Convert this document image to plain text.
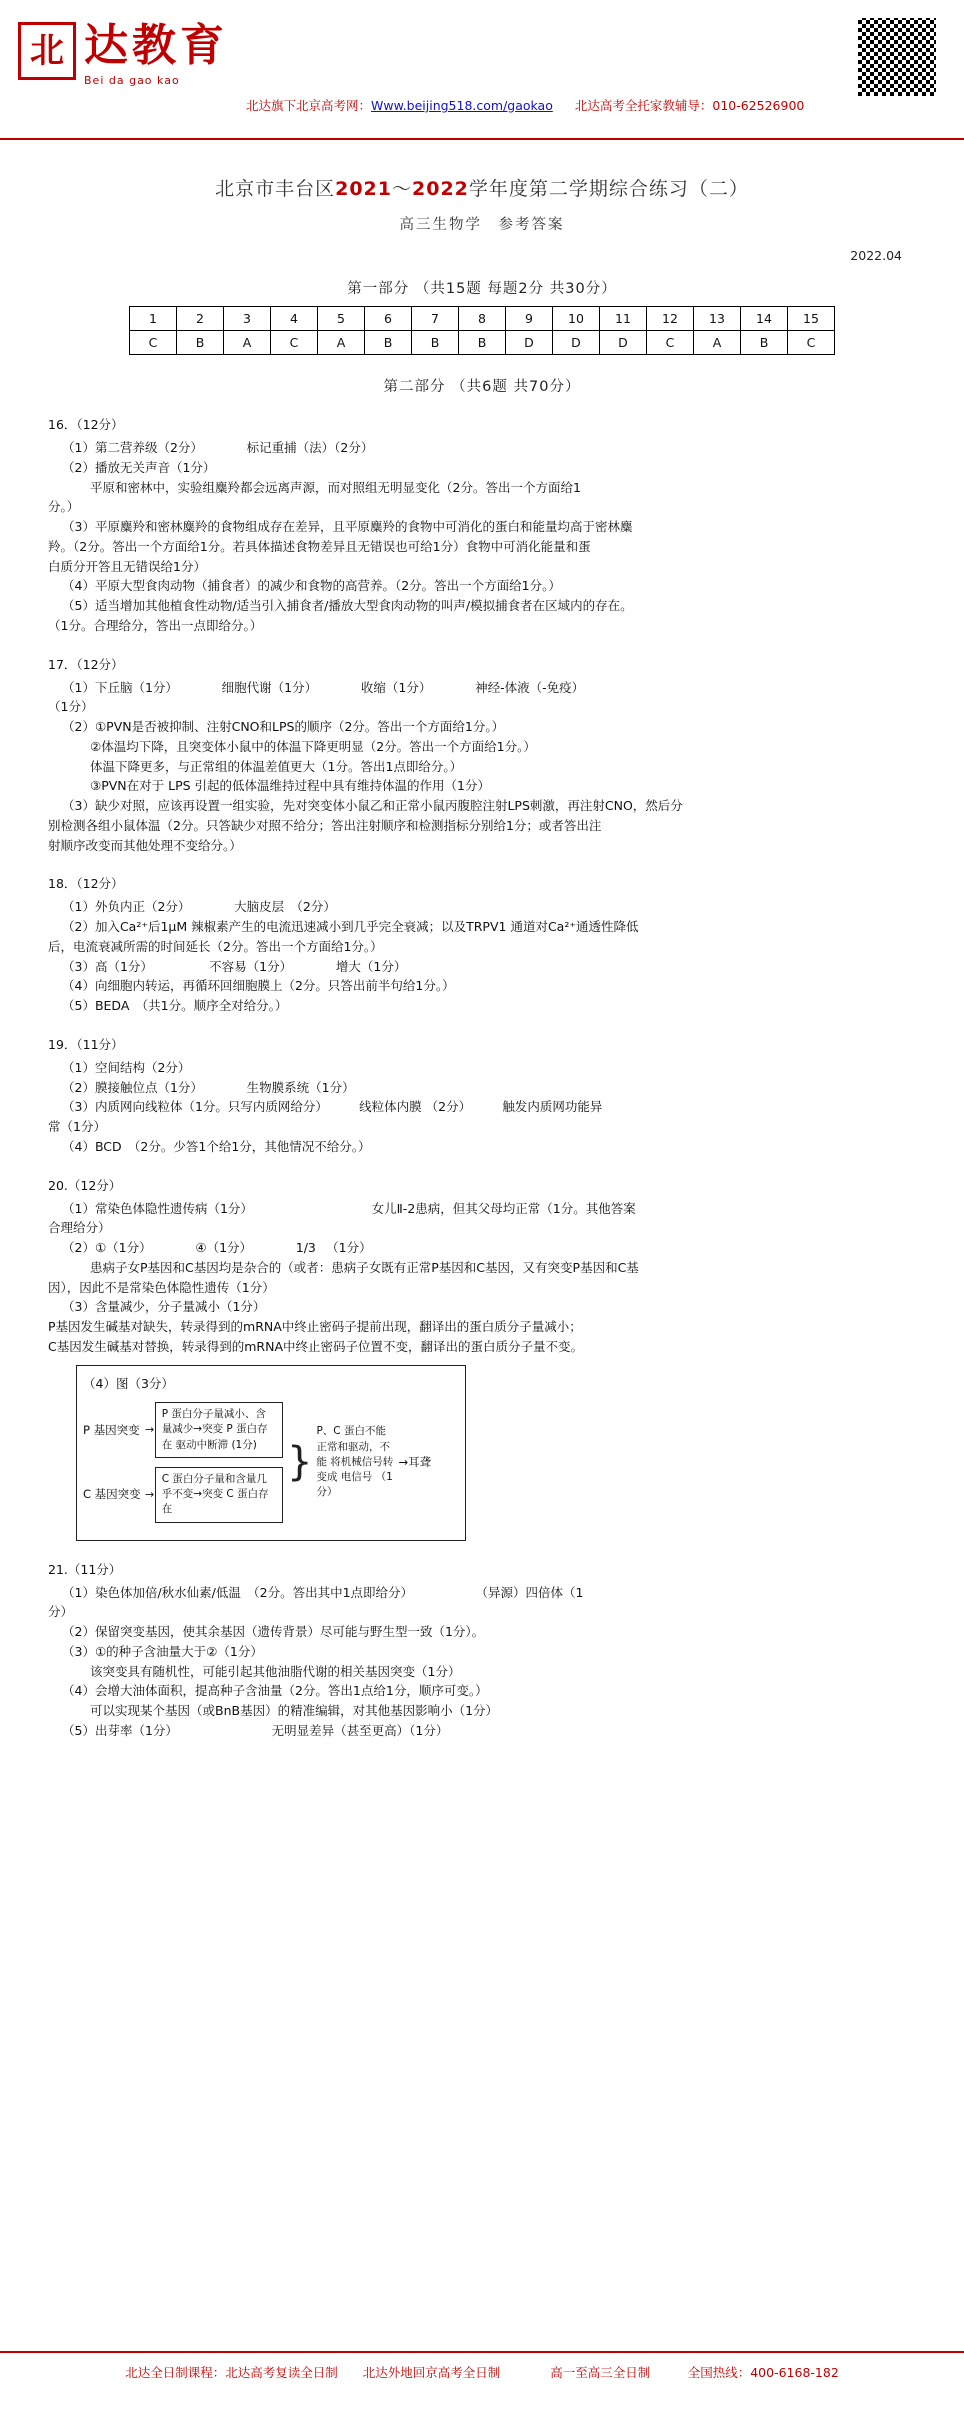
北 达教育
Bei da gao kao
北达旗下北京高考网：Www.beijing518.com/gaokao 北达高考全托家教辅导：010-62526900
北京市丰台区2021～2022学年度第二学期综合练习（二）
高三生物学　参考答案
2022.04
第一部分 （共15题 每题2分 共30分）
1	2	3	4	5	6	7	8	9	10	11	12	13	14	15
C	B	A	C	A	B	B	B	D	D	D	C	A	B	C
第二部分 （共6题 共70分）
16．（12分）
（1）第二营养级（2分）　　　　标记重捕（法）（2分）
（2）播放无关声音（1分）
平原和密林中，实验组麋羚都会远离声源，而对照组无明显变化（2分。答出一个方面给1
分。）
（3）平原麋羚和密林麋羚的食物组成存在差异，且平原麋羚的食物中可消化的蛋白和能量均高于密林麋
羚。（2分。答出一个方面给1分。若具体描述食物差异且无错误也可给1分）食物中可消化能量和蛋
白质分开答且无错误给1分）
（4）平原大型食肉动物（捕食者）的减少和食物的高营养。（2分。答出一个方面给1分。）
（5）适当增加其他植食性动物/适当引入捕食者/播放大型食肉动物的叫声/模拟捕食者在区域内的存在。
（1分。合理给分，答出一点即给分。）
17．（12分）
（1）下丘脑（1分）　　　　细胞代谢（1分）　　　　收缩（1分）　　　　神经-体液（-免疫）
（1分）
（2）①PVN是否被抑制、注射CNO和LPS的顺序（2分。答出一个方面给1分。）
②体温均下降，且突变体小鼠中的体温下降更明显（2分。答出一个方面给1分。）
体温下降更多，与正常组的体温差值更大（1分。答出1点即给分。）
③PVN在对于 LPS 引起的低体温维持过程中具有维持体温的作用（1分）
（3）缺少对照，应该再设置一组实验，先对突变体小鼠乙和正常小鼠丙腹腔注射LPS刺激，再注射CNO，然后分
别检测各组小鼠体温（2分。只答缺少对照不给分；答出注射顺序和检测指标分别给1分；或者答出注
射顺序改变而其他处理不变给分。）
18．（12分）
（1）外负内正（2分）　　　　大脑皮层　（2分）
（2）加入Ca²⁺后1μM 辣椒素产生的电流迅速减小到几乎完全衰减；以及TRPV1 通道对Ca²⁺通透性降低
后，电流衰减所需的时间延长（2分。答出一个方面给1分。）
（3）高（1分）　　　　　不容易（1分）　　　　增大（1分）
（4）向细胞内转运，再循环回细胞膜上（2分。只答出前半句给1分。）
（5）BEDA　（共1分。顺序全对给分。）
19．（11分）
（1）空间结构（2分）
（2）膜接触位点（1分）　　　　生物膜系统（1分）
（3）内质网向线粒体（1分。只写内质网给分）　　　线粒体内膜 （2分）　　　触发内质网功能异
常（1分）
（4）BCD　（2分。少答1个给1分，其他情况不给分。）
20.（12分）
（1）常染色体隐性遗传病（1分）　　　　　　　　　　女儿Ⅱ-2患病，但其父母均正常（1分。其他答案
合理给分）
（2）①（1分）　　　　④（1分）　　　　1/3 　（1分）
患病子女P基因和C基因均是杂合的（或者：患病子女既有正常P基因和C基因，又有突变P基因和C基
因），因此不是常染色体隐性遗传（1分）
（3）含量减少，分子量减小（1分）
P基因发生碱基对缺失，转录得到的mRNA中终止密码子提前出现，翻译出的蛋白质分子量减小；
C基因发生碱基对替换，转录得到的mRNA中终止密码子位置不变，翻译出的蛋白质分子量不变。
（4）图（3分）
P 基因突变 →
P 蛋白分子量减小、含量减少→突变 P 蛋白存在 驱动中断滞 (1分)
C 基因突变 →
C 蛋白分子量和含量几乎不变→突变 C 蛋白存在
}
P、C 蛋白不能正常和驱动，不能 将机械信号转变成 电信号 （1分）
→耳聋
21.（11分）
（1）染色体加倍/秋水仙素/低温　（2分。答出其中1点即给分）　　　　　　（异源）四倍体（1
分）
（2）保留突变基因，使其余基因（遗传背景）尽可能与野生型一致（1分）。
（3）①的种子含油量大于②（1分）
该突变具有随机性，可能引起其他油脂代谢的相关基因突变（1分）
（4）会增大油体面积，提高种子含油量（2分。答出1点给1分，顺序可变。）
可以实现某个基因（或BnB基因）的精准编辑，对其他基因影响小（1分）
（5）出芽率（1分）　　　　　　　　无明显差异（甚至更高）（1分）
北达全日制课程：北达高考复读全日制　　北达外地回京高考全日制　　　　高一至高三全日制　　　全国热线：400-6168-182
